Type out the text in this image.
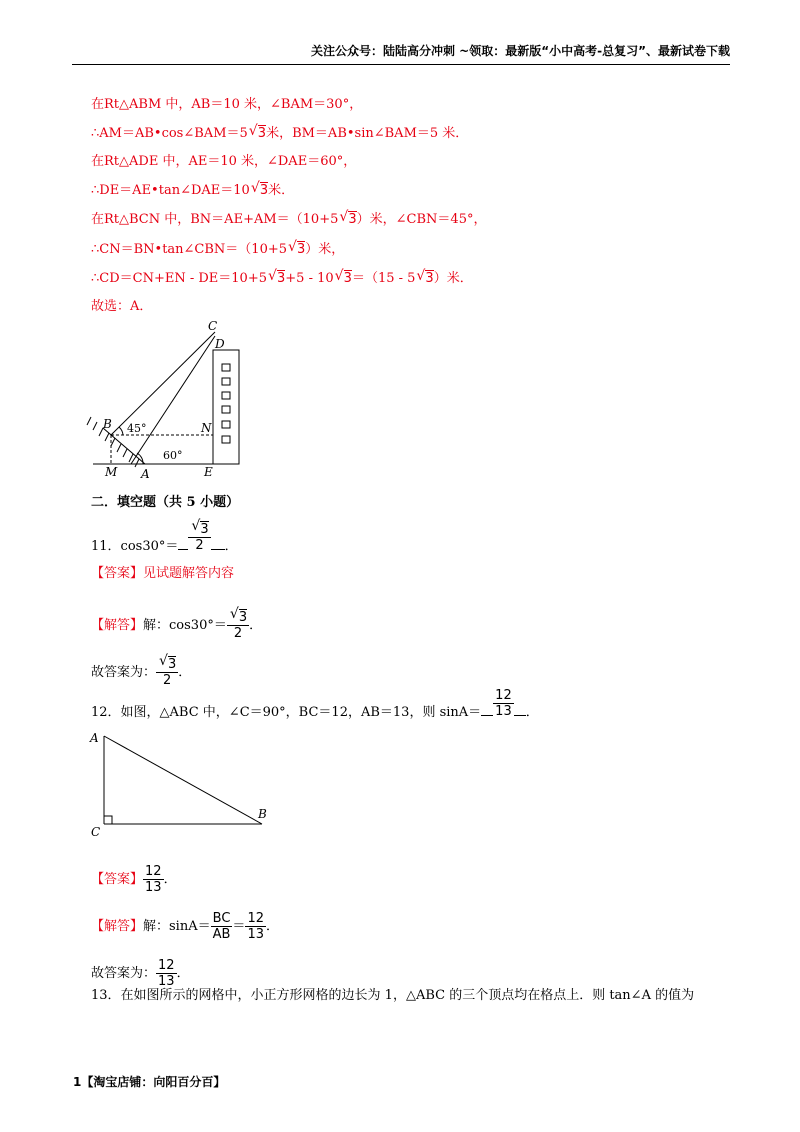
关注公众号：陆陆高分冲刺 ~领取：最新版“小中高考-总复习”、最新试卷下载
在Rt△ABM 中，AB＝10 米，∠BAM＝30°，
∴AM＝AB•cos∠BAM＝5 √ 3米，BM＝AB•sin∠BAM＝5 米．
在Rt△ADE 中，AE＝10 米，∠DAE＝60°，
∴DE＝AE•tan∠DAE＝10 √ 3米．
在Rt△BCN 中，BN＝AE+AM＝（10+5 √ 3）米，∠CBN＝45°，
∴CN＝BN•tan∠CBN＝（10+5 √ 3）米，
∴CD＝CN+EN - DE＝10+5 √ 3+5 - 10 √ 3＝（15 - 5 √ 3）米．
故选：A．
C
D
B	N
M A	E
45°
60°
二．填空题（共 5 小题）
11．$\cos 30^\circ= \frac{√ 3}{2}$ ．
【答案】见试题解答内容
【解答】解：$\cos 30^\circ= \frac{√ 3}{2}$ ．
故答案为： $\frac{√ 3}{2}$ ．
12．如图，△ABC 中，∠C＝90°，BC＝12，AB＝13，则 $\sin A= \frac{12}{13}$ ．
A
B
C
【答案】 $\frac{12}{13}$ ．
【解答】解：$\sin A= \frac{BC}{AB} = \frac{12}{13}$ ．
故答案为： $\frac{12}{13}$ ．
13．在如图所示的网格中，小正方形网格的边长为 1，△ABC 的三个顶点均在格点上．则 tan∠A 的值为
1【淘宝店铺：向阳百分百】
